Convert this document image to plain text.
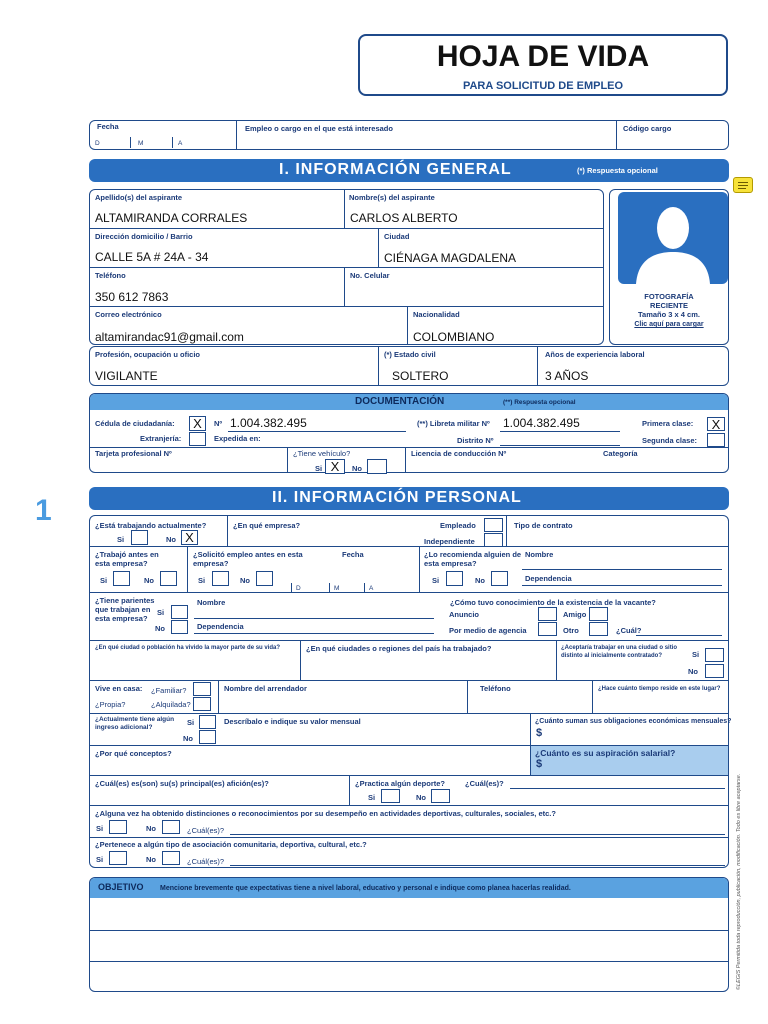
HOJA DE VIDA
PARA SOLICITUD DE EMPLEO
Fecha
D	M	A
Empleo o cargo en el que está interesado	Código cargo
I. INFORMACIÓN GENERAL	(*) Respuesta opcional
Apellido(s) del aspirante
ALTAMIRANDA CORRALES
Nombre(s) del aspirante
CARLOS ALBERTO
Dirección domicilio / Barrio
CALLE 5A # 24A - 34
Ciudad
CIÉNAGA MAGDALENA
Teléfono
350 612 7863
No. Celular
Correo electrónico
altamirandac91@gmail.com
Nacionalidad
COLOMBIANO
FOTOGRAFÍA
RECIENTE
Tamaño 3 x 4 cm.
Clic aquí para cargar
Profesión, ocupación u oficio
VIGILANTE
(*) Estado civil
SOLTERO
Años de experiencia laboral
3 AÑOS
DOCUMENTACIÓN	(**) Respuesta opcional
Cédula de ciudadanía:	X	Nº 1.004.382.495
Extranjería:	Expedida en:
(**) Libreta militar Nº 1.004.382.495
Distrito Nº
Primera clase:	X
Segunda clase:
Tarjeta profesional Nº	¿Tiene vehículo?
Si X	No
Licencia de conducción Nº	Categoría
1	II. INFORMACIÓN PERSONAL
¿Está trabajando actualmente?	¿En qué empresa?
Si	No X
Empleado
Independiente
Tipo de contrato
¿Trabajó antes en esta empresa?
¿Solicitó empleo antes en esta empresa?
Fecha
Si	No	Si	No
D	M	A
¿Lo recomienda alguien de esta empresa?
Nombre
Dependencia
Si	No
¿Tiene parientes que trabajan en esta empresa?
Si
No
Nombre
Dependencia
¿Cómo tuvo conocimiento de la existencia de la vacante?
Anuncio	Amigo
Por medio de agencia	Otro	¿Cuál?
¿En qué ciudad o población ha vivido la mayor parte de su vida?	¿En qué ciudades o regiones del país ha trabajado?	¿Aceptaría trabajar en una ciudad o sitio distinto al inicialmente contratado?	Si
No
Vive en casa: ¿Familiar?
¿Propia?	¿Alquilada?
Nombre del arrendador	Teléfono	¿Hace cuánto tiempo reside en este lugar?
¿Actualmente tiene algún ingreso adicional?
Si
No
Descríbalo e indique su valor mensual	¿Cuánto suman sus obligaciones económicas mensuales?
$
¿Por qué conceptos?	¿Cuánto es su aspiración salarial?
$
¿Cuál(es) es(son) su(s) principal(es) afición(es)?	¿Practica algún deporte?	¿Cuál(es)?
Si	No
¿Alguna vez ha obtenido distinciones o reconocimientos por su desempeño en actividades deportivas, culturales, sociales, etc.?
Si	No	¿Cuál(es)?
¿Pertenece a algún tipo de asociación comunitaria, deportiva, cultural, etc.?
Si	No	¿Cuál(es)?
OBJETIVO Mencione brevemente que expectativas tiene a nivel laboral, educativo y personal e indique como planea hacerlas realidad.	©LEGIS Permitida toda reproducción, publicación, modificación. Todo es libre aceptarse.
